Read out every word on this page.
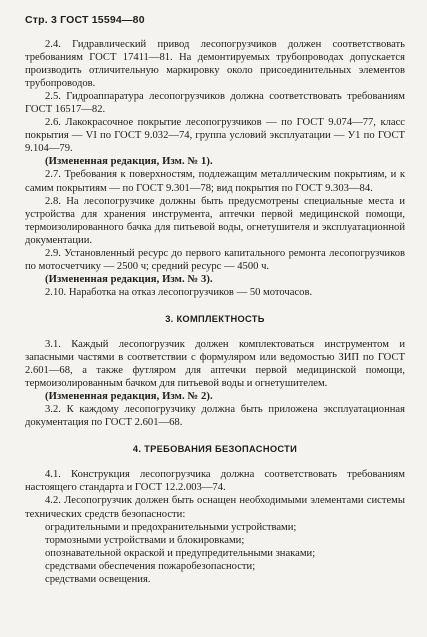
Стр. 3 ГОСТ 15594—80

2.4. Гидравлический привод лесопогрузчиков должен соответствовать требованиям ГОСТ 17411—81. На демонтируемых трубопроводах допускается производить отличительную маркировку около присоединительных элементов трубопроводов.

2.5. Гидроаппаратура лесопогрузчиков должна соответствовать требованиям ГОСТ 16517—82.

2.6. Лакокрасочное покрытие лесопогрузчиков — по ГОСТ 9.074—77, класс покрытия — VI по ГОСТ 9.032—74, группа условий эксплуатации — У1 по ГОСТ 9.104—79.

(Измененная редакция, Изм. № 1).

2.7. Требования к поверхностям, подлежащим металлическим покрытиям, и к самим покрытиям — по ГОСТ 9.301—78; вид покрытия по ГОСТ 9.303—84.

2.8. На лесопогрузчике должны быть предусмотрены специальные места и устройства для хранения инструмента, аптечки первой медицинской помощи, термоизолированного бачка для питьевой воды, огнетушителя и эксплуатационной документации.

2.9. Установленный ресурс до первого капитального ремонта лесопогрузчиков по мотосчетчику — 2500 ч; средний ресурс — 4500 ч.

(Измененная редакция, Изм. № 3).

2.10. Наработка на отказ лесопогрузчиков — 50 моточасов.

3. КОМПЛЕКТНОСТЬ

3.1. Каждый лесопогрузчик должен комплектоваться инструментом и запасными частями в соответствии с формуляром или ведомостью ЗИП по ГОСТ 2.601—68, а также футляром для аптечки первой медицинской помощи, термоизолированным бачком для питьевой воды и огнетушителем.

(Измененная редакция, Изм. № 2).

3.2. К каждому лесопогрузчику должна быть приложена эксплуатационная документация по ГОСТ 2.601—68.

4. ТРЕБОВАНИЯ БЕЗОПАСНОСТИ

4.1. Конструкция лесопогрузчика должна соответствовать требованиям настоящего стандарта и ГОСТ 12.2.003—74.

4.2. Лесопогрузчик должен быть оснащен необходимыми элементами системы технических средств безопасности:

оградительными и предохранительными устройствами;

тормозными устройствами и блокировками;

опознавательной окраской и предупредительными знаками;

средствами обеспечения пожаробезопасности;

средствами освещения.
